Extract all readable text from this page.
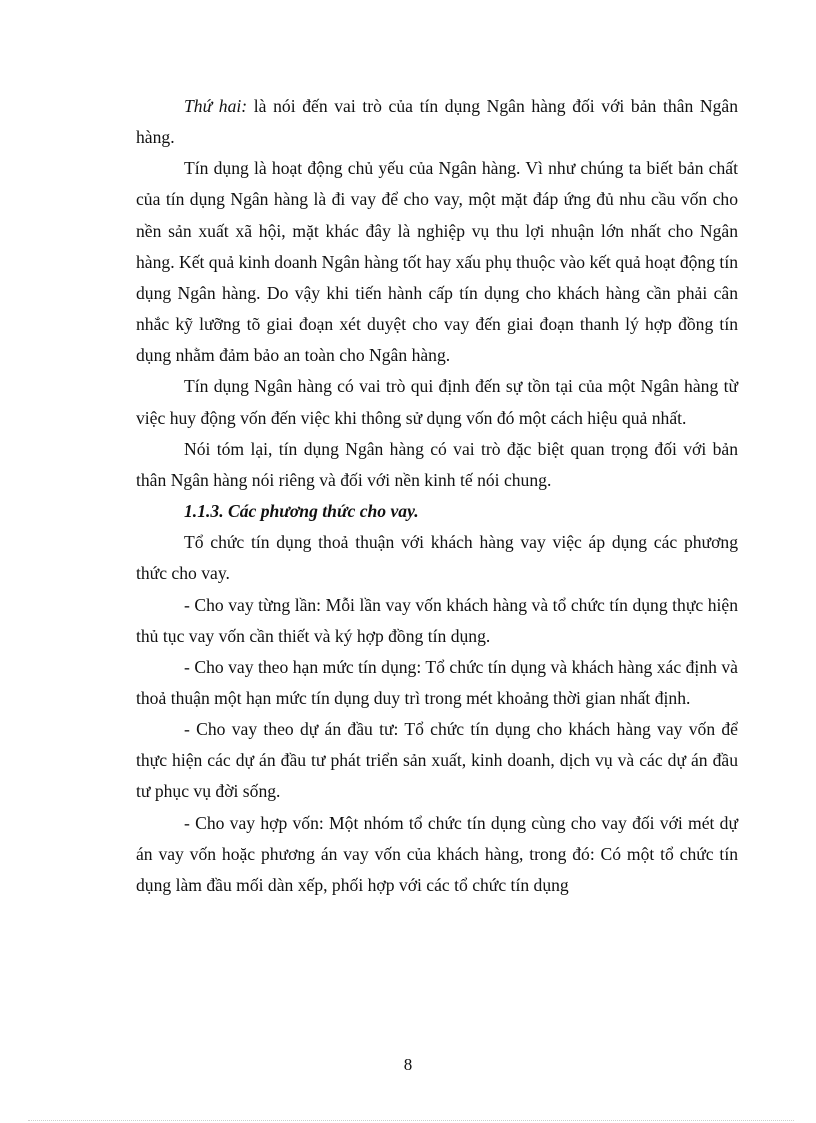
Thứ hai: là nói đến vai trò của tín dụng Ngân hàng đối với bản thân Ngân hàng.

Tín dụng là hoạt động chủ yếu của Ngân hàng. Vì như chúng ta biết bản chất của tín dụng Ngân hàng là đi vay để cho vay, một mặt đáp ứng đủ nhu cầu vốn cho nền sản xuất xã hội, mặt khác đây là nghiệp vụ thu lợi nhuận lớn nhất cho Ngân hàng. Kết quả kinh doanh Ngân hàng tốt hay xấu phụ thuộc vào kết quả hoạt động tín dụng Ngân hàng. Do vậy khi tiến hành cấp tín dụng cho khách hàng cần phải cân nhắc kỹ lưỡng tõ giai đoạn xét duyệt cho vay đến giai đoạn thanh lý hợp đồng tín dụng nhằm đảm bảo an toàn cho Ngân hàng.

Tín dụng Ngân hàng có vai trò qui định đến sự tồn tại của một Ngân hàng từ việc huy động vốn đến việc khi thông sử dụng vốn đó một cách hiệu quả nhất.

Nói tóm lại, tín dụng Ngân hàng có vai trò đặc biệt quan trọng đối với bản thân Ngân hàng nói riêng và đối với nền kinh tế nói chung.

1.1.3. Các phương thức cho vay.

Tổ chức tín dụng thoả thuận với khách hàng vay việc áp dụng các phương thức cho vay.

- Cho vay từng lần: Mỗi lần vay vốn khách hàng và tổ chức tín dụng thực hiện thủ tục vay vốn cần thiết và ký hợp đồng tín dụng.

- Cho vay theo hạn mức tín dụng: Tổ chức tín dụng và khách hàng xác định và thoả thuận một hạn mức tín dụng duy trì trong mét khoảng thời gian nhất định.

- Cho vay theo dự án đầu tư: Tổ chức tín dụng cho khách hàng vay vốn để thực hiện các dự án đầu tư phát triển sản xuất, kinh doanh, dịch vụ và các dự án đầu tư phục vụ đời sống.

- Cho vay hợp vốn: Một nhóm tổ chức tín dụng cùng cho vay đối với mét dự án vay vốn hoặc phương án vay vốn của khách hàng, trong đó: Có một tổ chức tín dụng làm đầu mối dàn xếp, phối hợp với các tổ chức tín dụng

8
